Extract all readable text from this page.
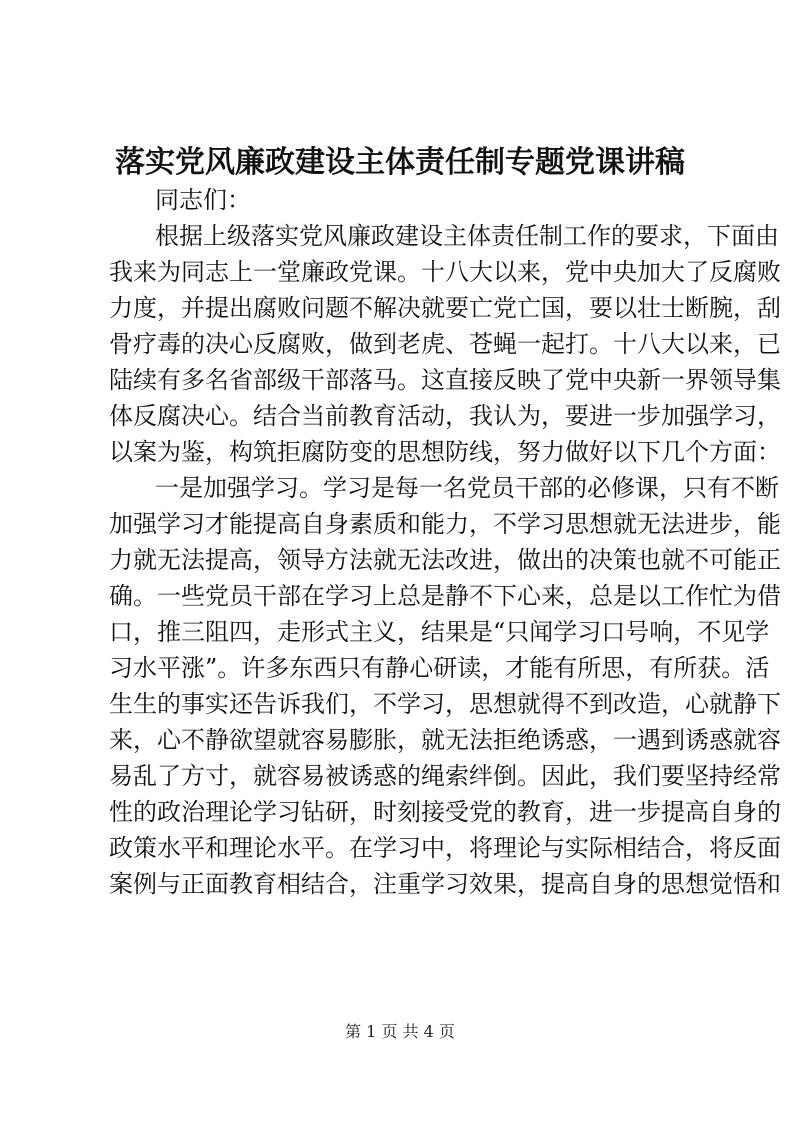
落实党风廉政建设主体责任制专题党课讲稿
同志们：
根据上级落实党风廉政建设主体责任制工作的要求，下面由
我来为同志上一堂廉政党课。十八大以来，党中央加大了反腐败
力度，并提出腐败问题不解决就要亡党亡国，要以壮士断腕，刮
骨疗毒的决心反腐败，做到老虎、苍蝇一起打。十八大以来，已
陆续有多名省部级干部落马。这直接反映了党中央新一界领导集
体反腐决心。结合当前教育活动，我认为，要进一步加强学习，
以案为鉴，构筑拒腐防变的思想防线，努力做好以下几个方面：
一是加强学习。学习是每一名党员干部的必修课，只有不断
加强学习才能提高自身素质和能力，不学习思想就无法进步，能
力就无法提高，领导方法就无法改进，做出的决策也就不可能正
确。一些党员干部在学习上总是静不下心来，总是以工作忙为借
口，推三阻四，走形式主义，结果是“只闻学习口号响，不见学
习水平涨”。许多东西只有静心研读，才能有所思，有所获。活
生生的事实还告诉我们，不学习，思想就得不到改造，心就静下
来，心不静欲望就容易膨胀，就无法拒绝诱惑，一遇到诱惑就容
易乱了方寸，就容易被诱惑的绳索绊倒。因此，我们要坚持经常
性的政治理论学习钻研，时刻接受党的教育，进一步提高自身的
政策水平和理论水平。在学习中，将理论与实际相结合，将反面
案例与正面教育相结合，注重学习效果，提高自身的思想觉悟和
第 1 页 共 4 页
